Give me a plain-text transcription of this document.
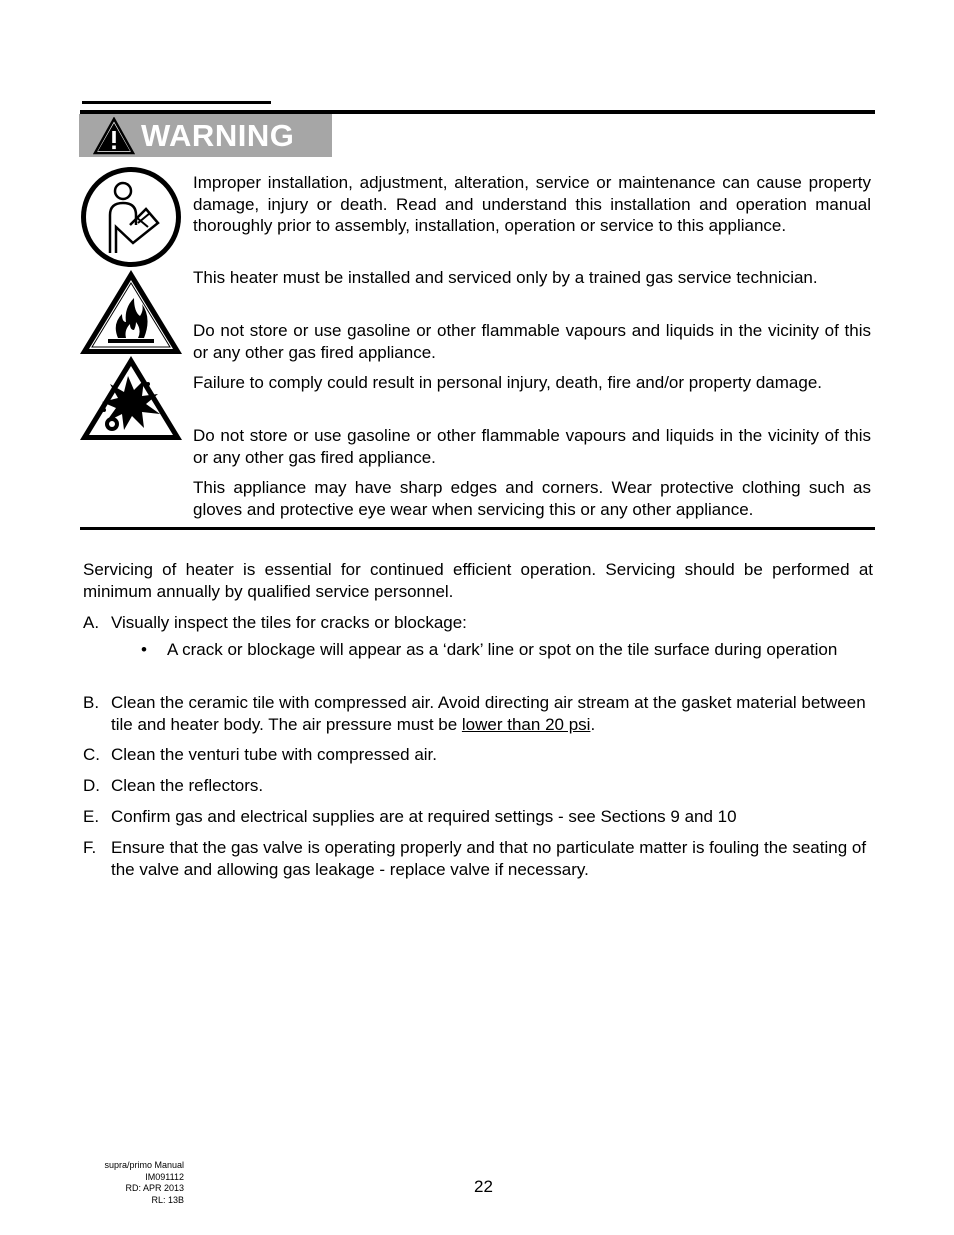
WARNING

Improper installation, adjustment, alteration, service or maintenance can cause property damage, injury or death. Read and understand this installation and operation manual thoroughly prior to assembly, installation, operation or service to this appliance.

This heater must be installed and serviced only by a trained gas service technician.

Do not store or use gasoline or other flammable vapours and liquids in the vicinity of this or any other gas fired appliance.

Failure to comply could result in personal injury, death, fire and/or property damage.

Do not store or use gasoline or other flammable vapours and liquids in the vicinity of this or any other gas fired appliance.

This appliance may have sharp edges and corners. Wear protective clothing such as gloves and protective eye wear when servicing this or any other appliance.

Servicing of heater is essential for continued efficient operation. Servicing should be performed at minimum annually by qualified service personnel.

A. Visually inspect the tiles for cracks or blockage:
• A crack or blockage will appear as a ‘dark’ line or spot on the tile surface during operation

B. Clean the ceramic tile with compressed air. Avoid directing air stream at the gasket material between tile and heater body. The air pressure must be lower than 20 psi.
C. Clean the venturi tube with compressed air.
D. Clean the reflectors.
E. Confirm gas and electrical supplies are at required settings - see Sections 9 and 10
F. Ensure that the gas valve is operating properly and that no particulate matter is fouling the seating of the valve and allowing gas leakage - replace valve if necessary.
supra/primo Manual
IM091112
RD: APR 2013
RL: 13B
22
